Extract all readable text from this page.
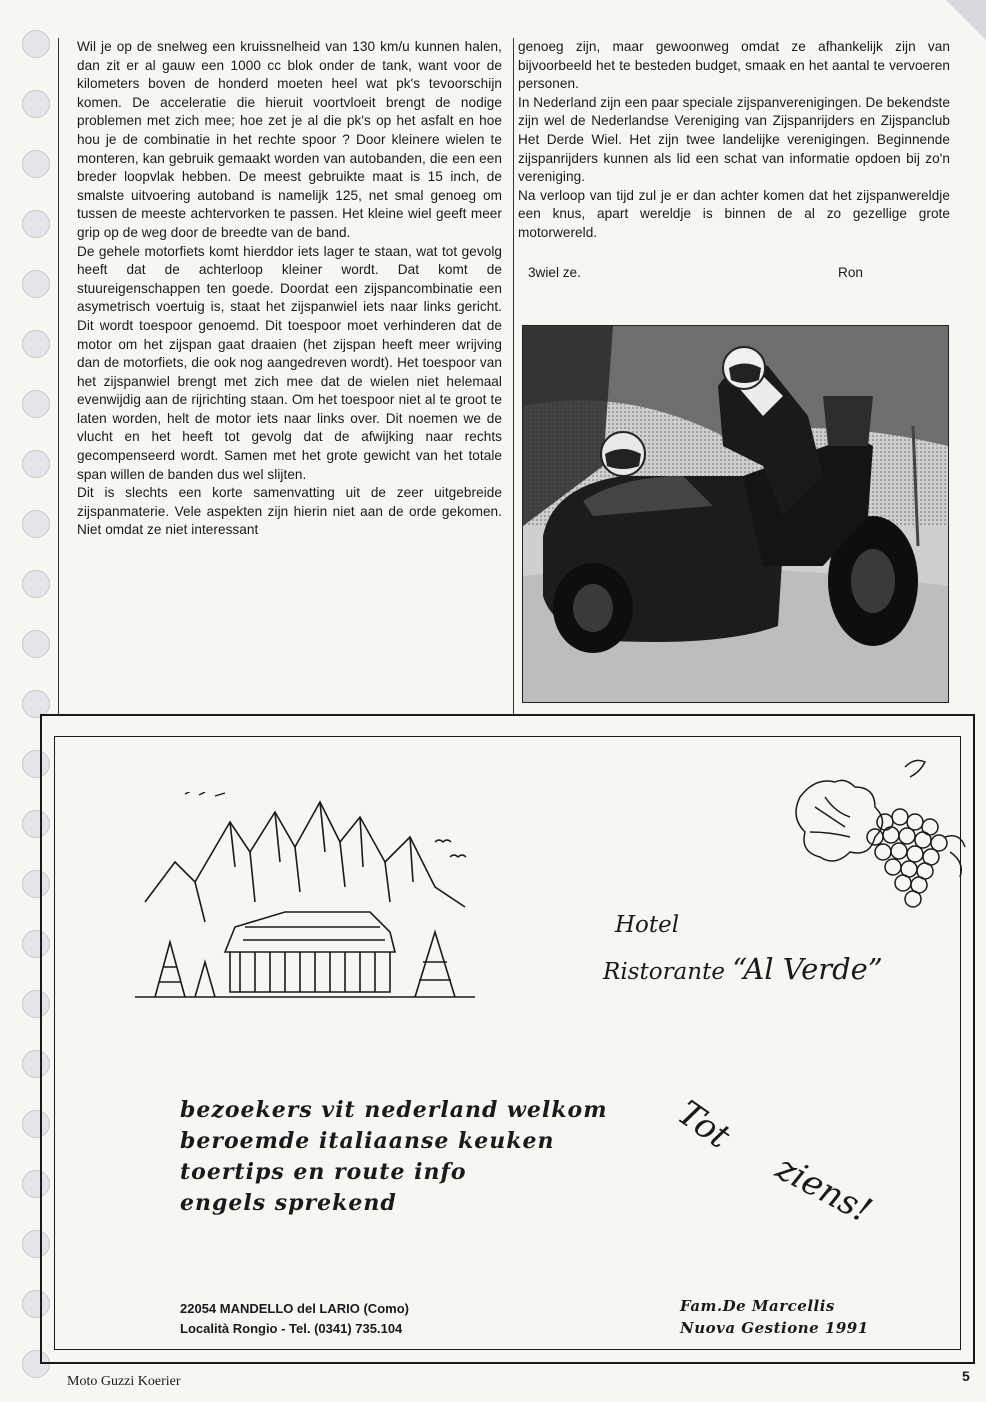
Wil je op de snelweg een kruissnelheid van 130 km/u kunnen halen, dan zit er al gauw een 1000 cc blok onder de tank, want voor de kilometers boven de honderd moeten heel wat pk's tevoorschijn komen. De acceleratie die hieruit voortvloeit brengt de nodige problemen met zich mee; hoe zet je al die pk's op het asfalt en hoe hou je de combinatie in het rechte spoor ? Door kleinere wielen te monteren, kan gebruik gemaakt worden van autobanden, die een een breder loopvlak hebben. De meest gebruikte maat is 15 inch, de smalste uitvoering autoband is namelijk 125, net smal genoeg om tussen de meeste achtervorken te passen. Het kleine wiel geeft meer grip op de weg door de breedte van de band.

De gehele motorfiets komt hierddor iets lager te staan, wat tot gevolg heeft dat de achterloop kleiner wordt. Dat komt de stuureigenschappen ten goede. Doordat een zijspancombinatie een asymetrisch voertuig is, staat het zijspanwiel iets naar links gericht. Dit wordt toespoor genoemd. Dit toespoor moet verhinderen dat de motor om het zijspan gaat draaien (het zijspan heeft meer wrijving dan de motorfiets, die ook nog aangedreven wordt). Het toespoor van het zijspanwiel brengt met zich mee dat de wielen niet helemaal evenwijdig aan de rijrichting staan. Om het toespoor niet al te groot te laten worden, helt de motor iets naar links over. Dit noemen we de vlucht en het heeft tot gevolg dat de afwijking naar rechts gecompenseerd wordt. Samen met het grote gewicht van het totale span willen de banden dus wel slijten.

Dit is slechts een korte samenvatting uit de zeer uitgebreide zijspanmaterie. Vele aspekten zijn hierin niet aan de orde gekomen. Niet omdat ze niet interessant

genoeg zijn, maar gewoonweg omdat ze afhankelijk zijn van bijvoorbeeld het te besteden budget, smaak en het aantal te vervoeren personen.

In Nederland zijn een paar speciale zijspanverenigingen. De bekendste zijn wel de Nederlandse Vereniging van Zijspanrijders en Zijspanclub Het Derde Wiel. Het zijn twee landelijke verenigingen. Beginnende zijspanrijders kunnen als lid een schat van informatie opdoen bij zo'n vereniging.

Na verloop van tijd zul je er dan achter komen dat het zijspanwereldje een knus, apart wereldje is binnen de al zo gezellige grote motorwereld.

3wiel ze.	Ron
Hotel
Ristorante “Al Verde”
bezoekers vit nederland welkom
beroemde italiaanse keuken
toertips en route info
engels sprekend
Tot
ziens!
22054 MANDELLO del LARIO (Como)
Località Rongio - Tel. (0341) 735.104
Fam.De Marcellis
Nuova Gestione 1991
Moto Guzzi Koerier	5
